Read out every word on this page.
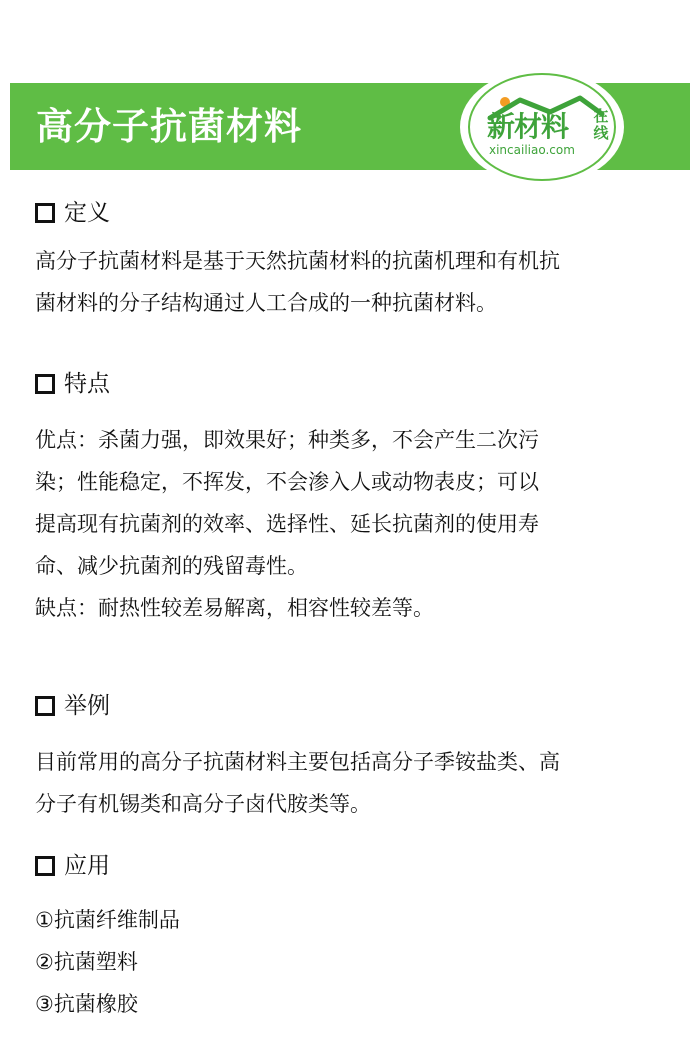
高分子抗菌材料	新材料 在线
xincailiao.com
定义
高分子抗菌材料是基于天然抗菌材料的抗菌机理和有机抗
菌材料的分子结构通过人工合成的一种抗菌材料。
特点
优点：杀菌力强，即效果好；种类多，不会产生二次污
染；性能稳定，不挥发，不会渗入人或动物表皮；可以
提高现有抗菌剂的效率、选择性、延长抗菌剂的使用寿
命、减少抗菌剂的残留毒性。
缺点：耐热性较差易解离，相容性较差等。
举例
目前常用的高分子抗菌材料主要包括高分子季铵盐类、高
分子有机锡类和高分子卤代胺类等。
应用
①抗菌纤维制品
②抗菌塑料
③抗菌橡胶
